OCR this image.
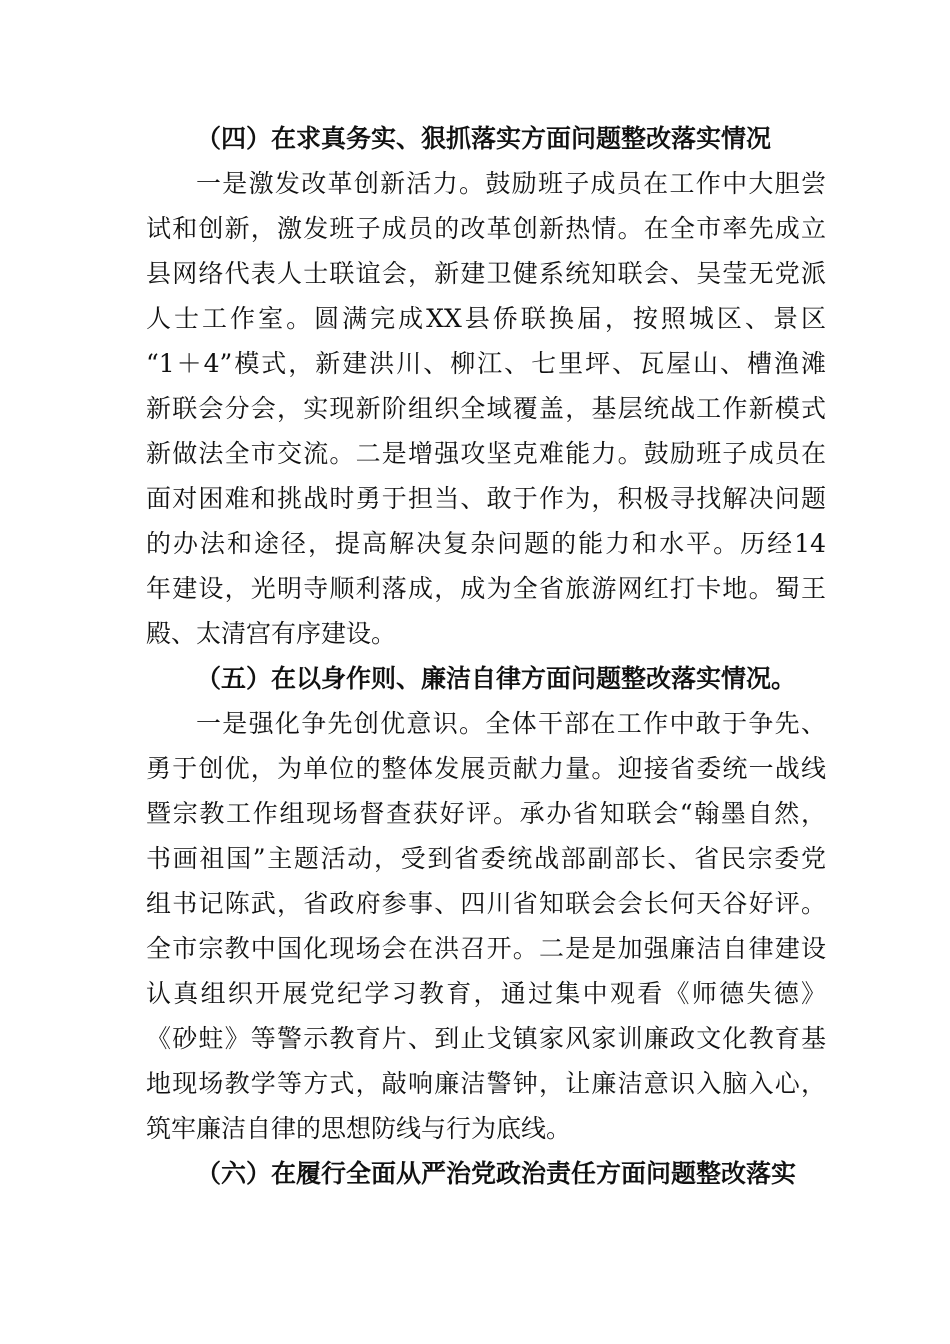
（四）在求真务实、狠抓落实方面问题整改落实情况
一是激发改革创新活力。鼓励班子成员在工作中大胆尝
试和创新，激发班子成员的改革创新热情。在全市率先成立
县网络代表人士联谊会，新建卫健系统知联会、吴莹无党派
人士工作室。圆满完成XX县侨联换届，按照城区、景区
“1＋4”模式，新建洪川、柳江、七里坪、瓦屋山、槽渔滩
新联会分会，实现新阶组织全域覆盖，基层统战工作新模式
新做法全市交流。二是增强攻坚克难能力。鼓励班子成员在
面对困难和挑战时勇于担当、敢于作为，积极寻找解决问题
的办法和途径，提高解决复杂问题的能力和水平。历经14
年建设，光明寺顺利落成，成为全省旅游网红打卡地。蜀王
殿、太清宫有序建设。
（五）在以身作则、廉洁自律方面问题整改落实情况。
一是强化争先创优意识。全体干部在工作中敢于争先、
勇于创优，为单位的整体发展贡献力量。迎接省委统一战线
暨宗教工作组现场督查获好评。承办省知联会“翰墨自然，
书画祖国”主题活动，受到省委统战部副部长、省民宗委党
组书记陈武，省政府参事、四川省知联会会长何天谷好评。
全市宗教中国化现场会在洪召开。二是是加强廉洁自律建设
认真组织开展党纪学习教育，通过集中观看《师德失德》
《砂蛀》等警示教育片、到止戈镇家风家训廉政文化教育基
地现场教学等方式，敲响廉洁警钟，让廉洁意识入脑入心，
筑牢廉洁自律的思想防线与行为底线。
（六）在履行全面从严治党政治责任方面问题整改落实
